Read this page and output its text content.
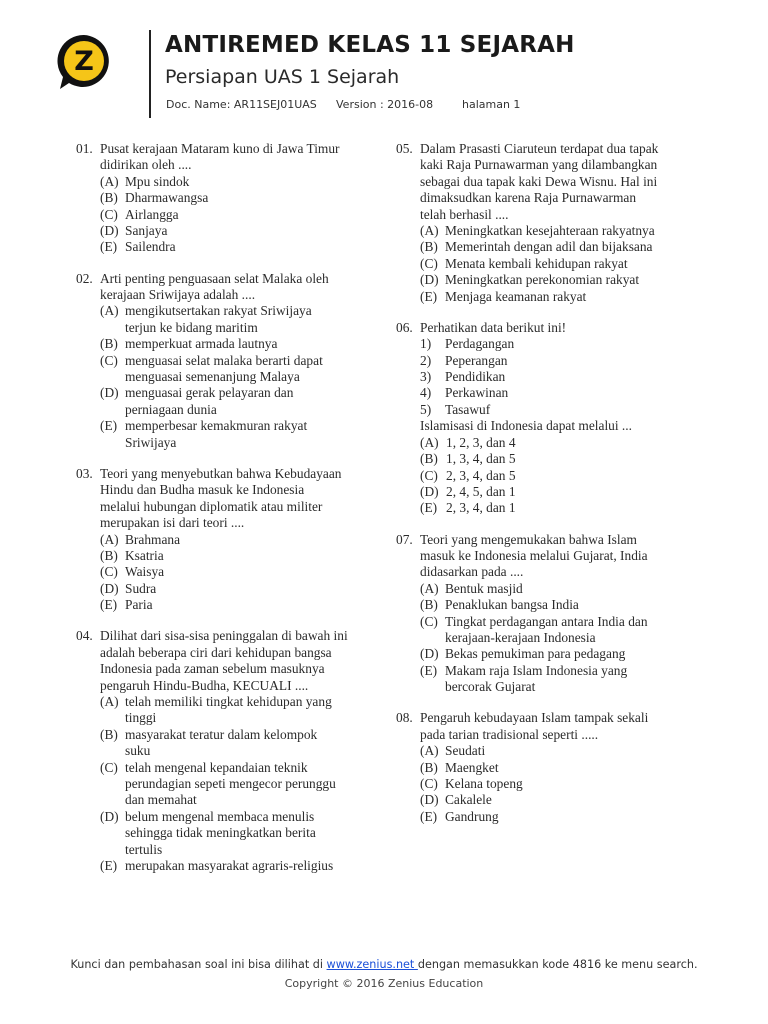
Z
ANTIREMED KELAS 11 SEJARAH
Persiapan UAS 1 Sejarah
Doc. Name: AR11SEJ01UAS Version : 2016-08	halaman 1
01. Pusat kerajaan Mataram kuno di Jawa Timur
didirikan oleh ....
(A) Mpu sindok
(B) Dharmawangsa
(C) Airlangga
(D) Sanjaya
(E) Sailendra
02. Arti penting penguasaan selat Malaka oleh
kerajaan Sriwijaya adalah ....
(A) mengikutsertakan rakyat Sriwijaya
terjun ke bidang maritim
(B) memperkuat armada lautnya
(C) menguasai selat malaka berarti dapat
menguasai semenanjung Malaya
(D) menguasai gerak pelayaran dan
perniagaan dunia
(E) memperbesar kemakmuran rakyat
Sriwijaya
03. Teori yang menyebutkan bahwa Kebudayaan
Hindu dan Budha masuk ke Indonesia
melalui hubungan diplomatik atau militer
merupakan isi dari teori ....
(A) Brahmana
(B) Ksatria
(C) Waisya
(D) Sudra
(E) Paria
04. Dilihat dari sisa-sisa peninggalan di bawah ini
adalah beberapa ciri dari kehidupan bangsa
Indonesia pada zaman sebelum masuknya
pengaruh Hindu-Budha, KECUALI ....
(A) telah memiliki tingkat kehidupan yang
tinggi
(B) masyarakat teratur dalam kelompok
suku
(C) telah mengenal kepandaian teknik
perundagian sepeti mengecor perunggu
dan memahat
(D) belum mengenal membaca menulis
sehingga tidak meningkatkan berita
tertulis
(E) merupakan masyarakat agraris-religius
05. Dalam Prasasti Ciaruteun terdapat dua tapak
kaki Raja Purnawarman yang dilambangkan
sebagai dua tapak kaki Dewa Wisnu. Hal ini
dimaksudkan karena Raja Purnawarman
telah berhasil ....
(A) Meningkatkan kesejahteraan rakyatnya
(B) Memerintah dengan adil dan bijaksana
(C) Menata kembali kehidupan rakyat
(D) Meningkatkan perekonomian rakyat
(E) Menjaga keamanan rakyat
06. Perhatikan data berikut ini!
1) Perdagangan
2) Peperangan
3) Pendidikan
4) Perkawinan
5) Tasawuf
Islamisasi di Indonesia dapat melalui ...
(A) 1, 2, 3, dan 4
(B) 1, 3, 4, dan 5
(C) 2, 3, 4, dan 5
(D) 2, 4, 5, dan 1
(E) 2, 3, 4, dan 1
07. Teori yang mengemukakan bahwa Islam
masuk ke Indonesia melalui Gujarat, India
didasarkan pada ....
(A) Bentuk masjid
(B) Penaklukan bangsa India
(C) Tingkat perdagangan antara India dan
kerajaan-kerajaan Indonesia
(D) Bekas pemukiman para pedagang
(E) Makam raja Islam Indonesia yang
bercorak Gujarat
08. Pengaruh kebudayaan Islam tampak sekali
pada tarian tradisional seperti .....
(A) Seudati
(B) Maengket
(C) Kelana topeng
(D) Cakalele
(E) Gandrung
Kunci dan pembahasan soal ini bisa dilihat di www.zenius.net dengan memasukkan kode 4816 ke menu search.
Copyright © 2016 Zenius Education
